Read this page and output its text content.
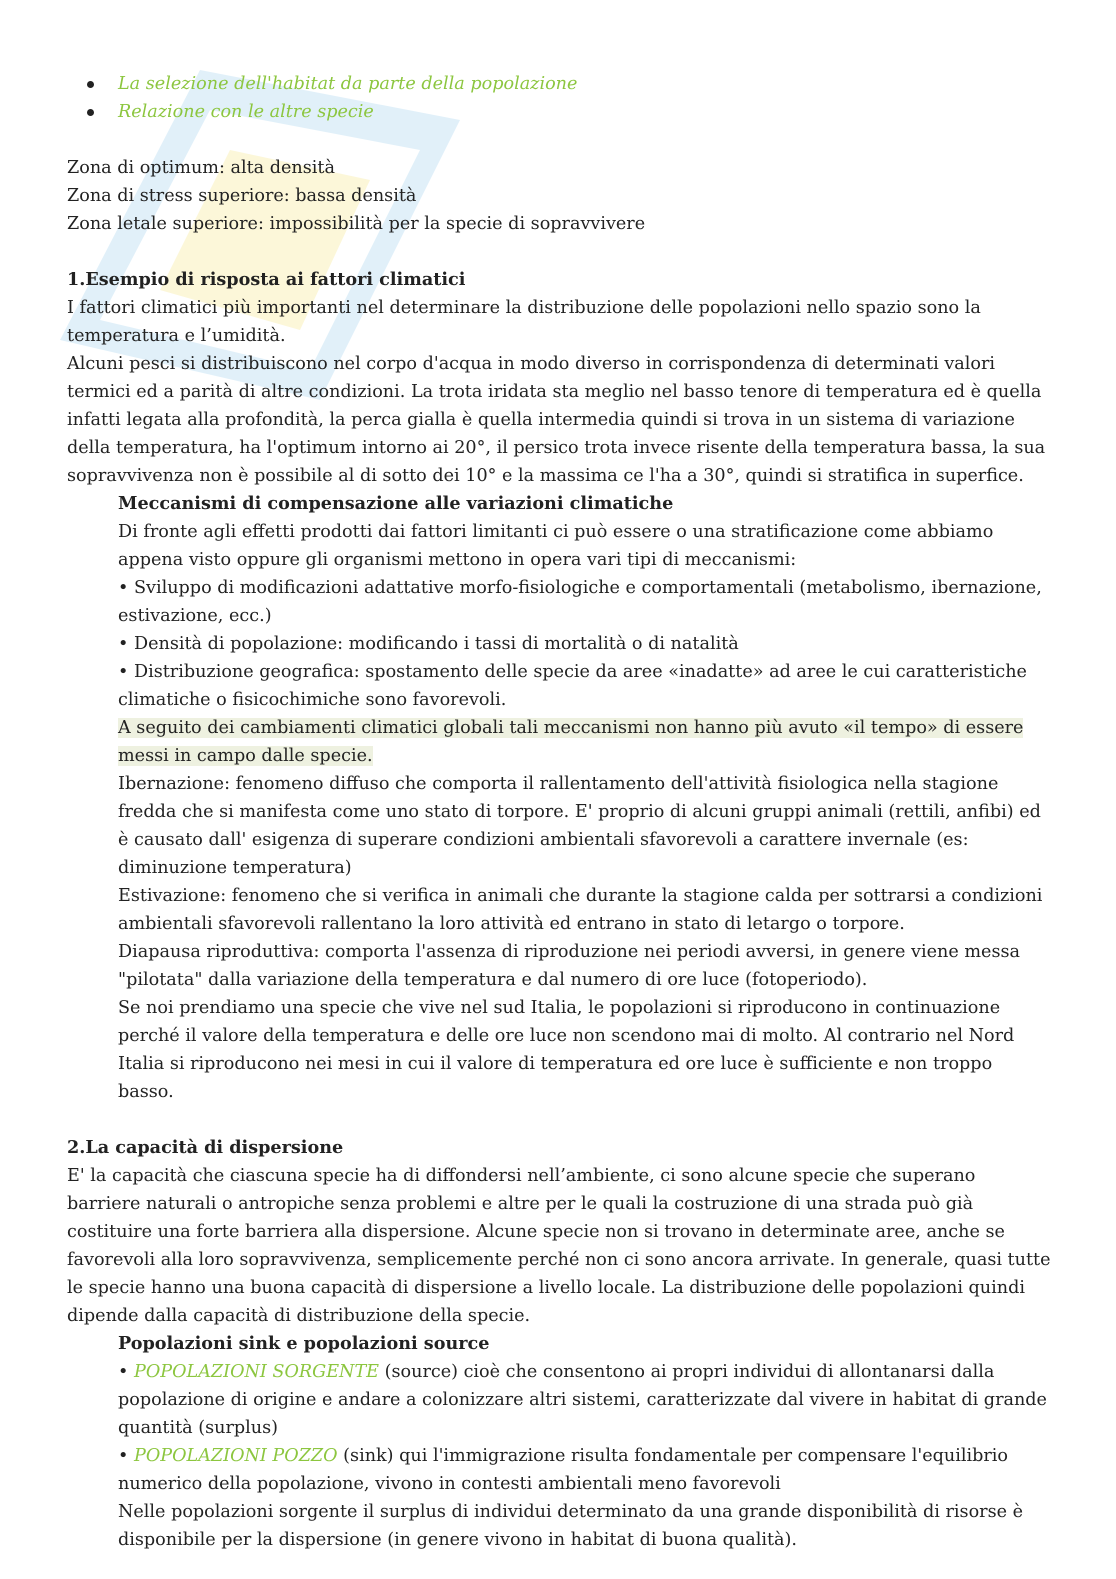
La selezione dell'habitat da parte della popolazione
Relazione con le altre specie

Zona di optimum: alta densità

Zona di stress superiore: bassa densità

Zona letale superiore: impossibilità per la specie di sopravvivere

1.Esempio di risposta ai fattori climatici

I fattori climatici più importanti nel determinare la distribuzione delle popolazioni nello spazio sono la temperatura e l’umidità.

Alcuni pesci si distribuiscono nel corpo d'acqua in modo diverso in corrispondenza di determinati valori termici ed a parità di altre condizioni. La trota iridata sta meglio nel basso tenore di temperatura ed è quella infatti legata alla profondità, la perca gialla è quella intermedia quindi si trova in un sistema di variazione della temperatura, ha l'optimum intorno ai 20°, il persico trota invece risente della temperatura bassa, la sua sopravvivenza non è possibile al di sotto dei 10° e la massima ce l'ha a 30°, quindi si stratifica in superfice.

Meccanismi di compensazione alle variazioni climatiche

Di fronte agli effetti prodotti dai fattori limitanti ci può essere o una stratificazione come abbiamo appena visto oppure gli organismi mettono in opera vari tipi di meccanismi:

• Sviluppo di modificazioni adattative morfo-fisiologiche e comportamentali (metabolismo, ibernazione, estivazione, ecc.)

• Densità di popolazione: modificando i tassi di mortalità o di natalità

• Distribuzione geografica: spostamento delle specie da aree «inadatte» ad aree le cui caratteristiche climatiche o fisicochimiche sono favorevoli.

A seguito dei cambiamenti climatici globali tali meccanismi non hanno più avuto «il tempo» di essere messi in campo dalle specie.

Ibernazione: fenomeno diffuso che comporta il rallentamento dell'attività fisiologica nella stagione fredda che si manifesta come uno stato di torpore. E' proprio di alcuni gruppi animali (rettili, anfibi) ed è causato dall' esigenza di superare condizioni ambientali sfavorevoli a carattere invernale (es: diminuzione temperatura)

Estivazione: fenomeno che si verifica in animali che durante la stagione calda per sottrarsi a condizioni ambientali sfavorevoli rallentano la loro attività ed entrano in stato di letargo o torpore.

Diapausa riproduttiva: comporta l'assenza di riproduzione nei periodi avversi, in genere viene messa "pilotata" dalla variazione della temperatura e dal numero di ore luce (fotoperiodo).

Se noi prendiamo una specie che vive nel sud Italia, le popolazioni si riproducono in continuazione perché il valore della temperatura e delle ore luce non scendono mai di molto. Al contrario nel Nord Italia si riproducono nei mesi in cui il valore di temperatura ed ore luce è sufficiente e non troppo basso.

2.La capacità di dispersione

E' la capacità che ciascuna specie ha di diffondersi nell’ambiente, ci sono alcune specie che superano barriere naturali o antropiche senza problemi e altre per le quali la costruzione di una strada può già costituire una forte barriera alla dispersione. Alcune specie non si trovano in determinate aree, anche se favorevoli alla loro sopravvivenza, semplicemente perché non ci sono ancora arrivate. In generale, quasi tutte le specie hanno una buona capacità di dispersione a livello locale. La distribuzione delle popolazioni quindi dipende dalla capacità di distribuzione della specie.

Popolazioni sink e popolazioni source

• POPOLAZIONI SORGENTE (source) cioè che consentono ai propri individui di allontanarsi dalla popolazione di origine e andare a colonizzare altri sistemi, caratterizzate dal vivere in habitat di grande quantità (surplus)

• POPOLAZIONI POZZO (sink) qui l'immigrazione risulta fondamentale per compensare l'equilibrio numerico della popolazione, vivono in contesti ambientali meno favorevoli

Nelle popolazioni sorgente il surplus di individui determinato da una grande disponibilità di risorse è disponibile per la dispersione (in genere vivono in habitat di buona qualità).
